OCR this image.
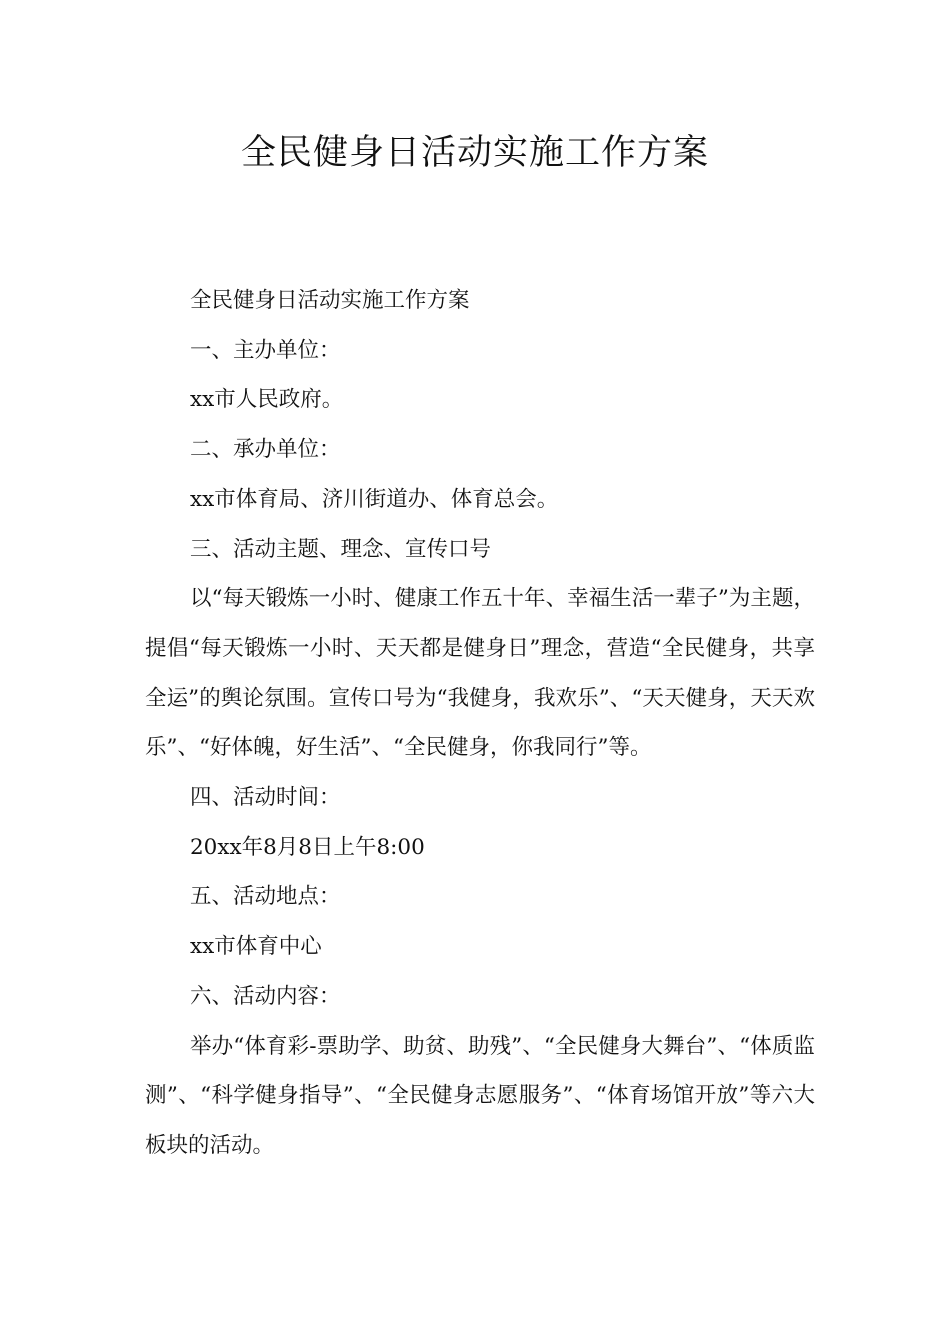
全民健身日活动实施工作方案

全民健身日活动实施工作方案

一、主办单位：

xx市人民政府。

二、承办单位：

xx市体育局、济川街道办、体育总会。

三、活动主题、理念、宣传口号

以“每天锻炼一小时、健康工作五十年、幸福生活一辈子”为主题，提倡“每天锻炼一小时、天天都是健身日”理念，营造“全民健身，共享全运”的舆论氛围。宣传口号为“我健身，我欢乐”、“天天健身，天天欢乐”、“好体魄，好生活”、“全民健身，你我同行”等。

四、活动时间：

20xx年8月8日上午8:00

五、活动地点：

xx市体育中心

六、活动内容：

举办“体育彩-票助学、助贫、助残”、“全民健身大舞台”、“体质监测”、“科学健身指导”、“全民健身志愿服务”、“体育场馆开放”等六大板块的活动。
